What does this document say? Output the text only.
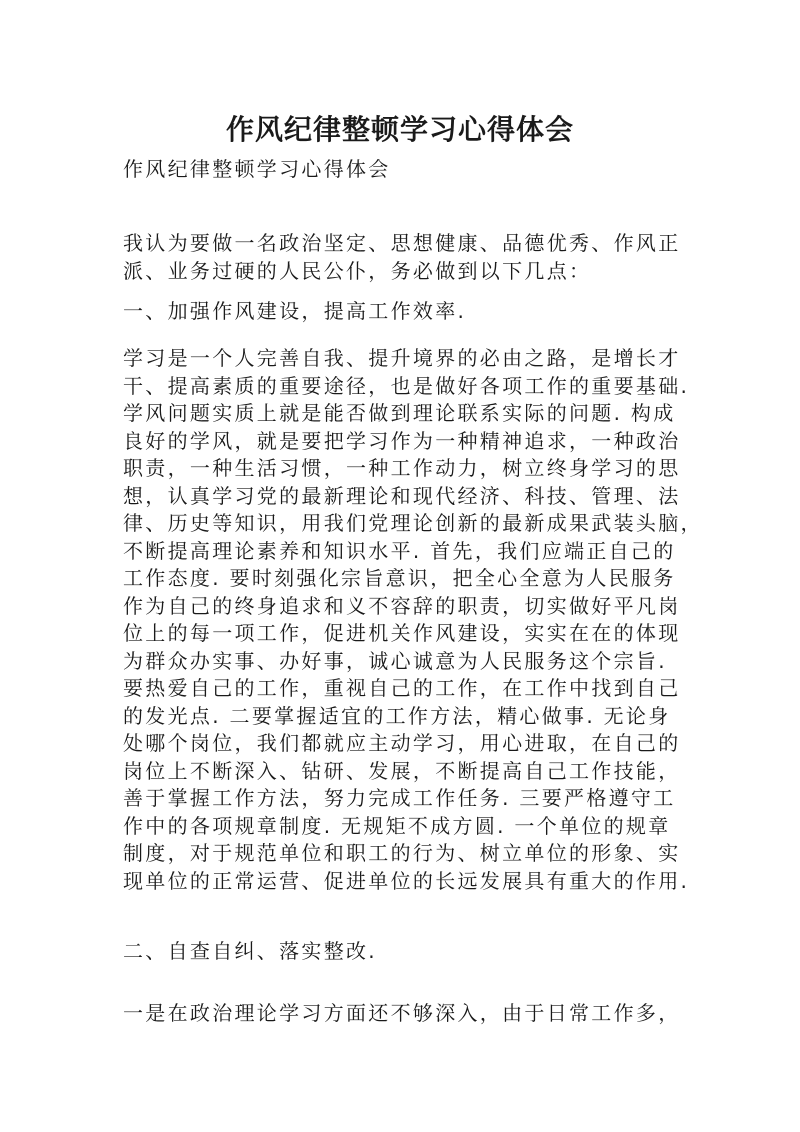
作风纪律整顿学习心得体会

作风纪律整顿学习心得体会

我认为要做一名政治坚定、思想健康、品德优秀、作风正
派、业务过硬的人民公仆，务必做到以下几点：

一、加强作风建设，提高工作效率.

学习是一个人完善自我、提升境界的必由之路，是增长才
干、提高素质的重要途径，也是做好各项工作的重要基础.
学风问题实质上就是能否做到理论联系实际的问题. 构成
良好的学风，就是要把学习作为一种精神追求，一种政治
职责，一种生活习惯，一种工作动力，树立终身学习的思
想，认真学习党的最新理论和现代经济、科技、管理、法
律、历史等知识，用我们党理论创新的最新成果武装头脑，
不断提高理论素养和知识水平. 首先，我们应端正自己的
工作态度. 要时刻强化宗旨意识，把全心全意为人民服务
作为自己的终身追求和义不容辞的职责，切实做好平凡岗
位上的每一项工作，促进机关作风建设，实实在在的体现
为群众办实事、办好事，诚心诚意为人民服务这个宗旨.
要热爱自己的工作，重视自己的工作，在工作中找到自己
的发光点. 二要掌握适宜的工作方法，精心做事. 无论身
处哪个岗位，我们都就应主动学习，用心进取，在自己的
岗位上不断深入、钻研、发展，不断提高自己工作技能，
善于掌握工作方法，努力完成工作任务. 三要严格遵守工
作中的各项规章制度. 无规矩不成方圆. 一个单位的规章
制度，对于规范单位和职工的行为、树立单位的形象、实
现单位的正常运营、促进单位的长远发展具有重大的作用.

二、自查自纠、落实整改.

一是在政治理论学习方面还不够深入，由于日常工作多，
